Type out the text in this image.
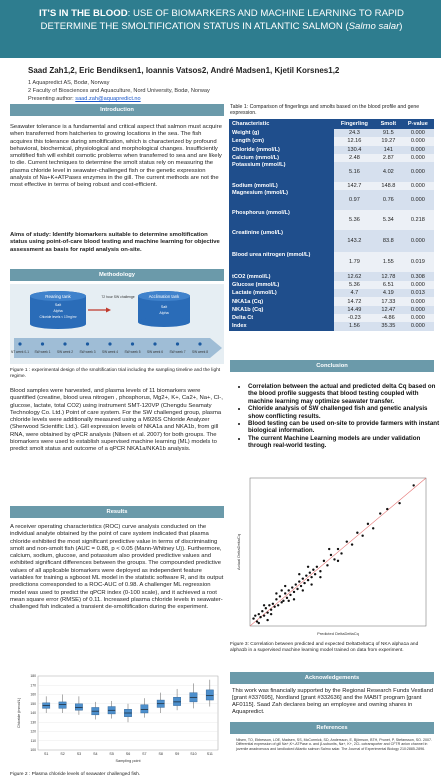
IT'S IN THE BLOOD: USE OF BIOMARKERS AND MACHINE LEARNING TO RAPID DETERMINE THE SMOLTIFICATION STATUS IN ATLANTIC SALMON (Salmo salar)
Saad Zah1,2, Eric Bendiksen1, Ioannis Vatsos2, André Madsen1, Kjetil Korsnes1,2
1 Aquapredict AS, Bodø, Norway
2 Faculty of Biosciences and Aquaculture, Nord University, Bodø, Norway
Presenting author: saad.zah@aquapredict.no
Introduction
Seawater tolerance is a fundamental and critical aspect that salmon must acquire when transferred from hatcheries to growing locations in the sea. The fish acquires this tolerance during smoltification, which is characterized by profound behavioral, biochemical, physiological and morphological changes. Insufficiently smoltified fish will exhibit osmotic problems when transferred to sea and are likely to die. Current techniques to determine the smolt status rely on measuring the plasma chloride level in seawater-challenged fish or the genetic expression analysis of Na+K+ATPases enzymes in the gill. The current methods are not the most effective in terms of being robust and cost-efficient.
Aims of study: Identify biomarkers suitable to determine smoltification status using point-of-care blood testing and machine learning for objective assessment as basis for rapid analysis on-site.
Methodology
Rearing tank
Salt
Alpha
Chloride levels < 17mg/m³
72 hour SW challenge	Acclimation tank
Salt
Alpha
NT week 0-1 SW week 1 SW week 2 SW week 3 SW week 4 SW week 5 SW week 6 SW week 7 SW week 8
Figure 1 : experimental design of the smoltification trial including the sampling timeline and the light regime.
Blood samples were harvested, and plasma levels of 11 biomarkers were quantified (creatine, blood urea nitrogen , phosphorus, Mg2+, K+, Ca2+, Na+, Cl-, glucose, lactate, total CO2) using instrument SMT-120VP (Chengdu Seamaty Technology Co. Ltd.) Point of care system. For the SW challenged group, plasma chloride levels were additionally measured using a M926S Chloride Analyzer (Sherwood Scientific Ltd.). Gill expression levels of NKA1a and NKA1b, from gill RNA, were obtained by qPCR analysis (Nilsen et al. 2007) for both groups. The biomarkers were used to establish supervised machine learning (ML) models to predict smolt status and outcome of a qPCR NKA1a/NKA1b analysis.
Results
A receiver operating characteristics (ROC) curve analysis conducted on the individual analyte obtained by the point of care system indicated that plasma chloride exhibited the most significant predictive value in terms of discriminating smolt and non-smolt fish (AUC = 0.88, p < 0.05 (Mann-Whitney U)). Furthermore, calcium, sodium, glucose, and potassium also provided predictive values and exhibited significant differences between the groups. The compounded predictive values of all applicable biomarkers were deployed as independent feature variables for training a xgboost ML model in the statistic software R, and its output predictions corresponded to a ROC-AUC of 0.98. A challenger ML regression model was used to predict the qPCR index (0-100 scale), and it achieved a root mean square error (RMSE) of 0.11. Increased plasma chloride levels in seawater-challenged fish indicated a transient de-smoltification during the experiment.
100
110
120
130
140
150
160
170
180
S1	S2	S3	S4	S5	S6	S7	S8	S9	S10	S11
Sampling point
Chloride (mmol/L)
Figure 2 : Plasma chloride levels of seawater challenged fish.
Table 1: Comparison of fingerlings and smolts based on the blood profile and gene expression.
Characteristic	Fingerling	Smolt	P-value
Weight (g)	24.3	91.5	0.000
Length (cm)	12.16	19.27	0.000
Chloride (mmol/L)	130.4	141	0.000
Calcium (mmol/L)	2.48	2.87	0.000
Potassium (mmol/L)	5.16	4.02	0.000
Sodium (mmol/L)	142.7	148.8	0.000
Magnesium (mmol/L)	0.97	0.76	0.000
Phosphorus (mmol/L)	5.36	5.34	0.218
Creatinine (umol/L)	143.2	83.8	0.000
Blood urea nitrogen (mmol/L)	1.79	1.55	0.019
tCO2 (mmol/L)	12.62	12.78	0.308
Glucose (mmol/L)	5.36	6.51	0.000
Lactate (mmol/L)	4.7	4.19	0.013
NKA1a (Cq)	14.72	17.33	0.000
NKA1b (Cq)	14.49	12.47	0.000
Delta Ct	-0.23	-4.86	0.000
Index	1.56	35.35	0.000
Conclusion
• Correlation between the actual and predicted delta Cq based on the blood profile suggests that blood testing coupled with machine learning may optimize seawater transfer.
• Chloride analysis of SW challenged fish and genetic analysis show conflicting results.
• Blood testing can be used on-site to provide farmers with instant biological information.
• The current Machine Learning models are under validation through real-world testing.
Predicted DeltaDeltaCq
Actual DeltaDeltaCq
Figure 3: Correlation between predicted and expected DeltaDeltaCq of NKA alpha1a and alpha1b in a supervised machine learning model trained on data from experiment.
Acknowledgements
This work was financially supported by the Regional Research Funds Vestland [grant #337695], Nordland [grant #332636] and the MABIT program [grant AF0115]. Saad Zah declares being an employee and owning shares in Aquapredict.
References
Nilsen, TO, Ebbesson, LOE, Madsen, SS, McCormick, SD, Andersson, E, Björnson, BTH, Prunet, P, Stefansson, SO. 2007. Differential expression of gill Na+,K+-ATPase α- and β-subunits, Na+, K+, 2Cl- cotransporter and CFTR anion channel in juvenile anadromous and landlocked Atlantic salmon Salmo salar. The Journal of Experimental Biology 210:2885-2896.
